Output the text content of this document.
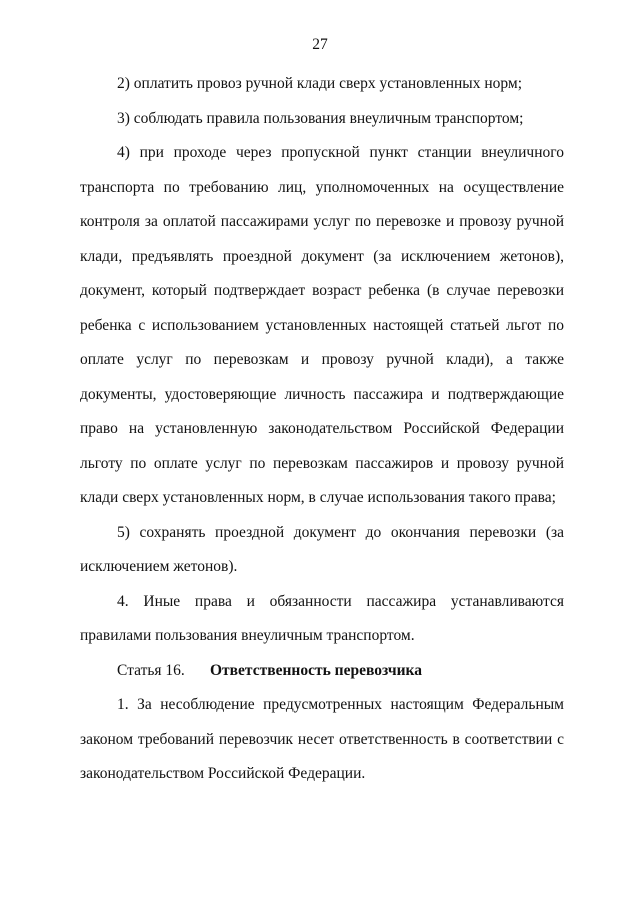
27

2) оплатить провоз ручной клади сверх установленных норм;

3) соблюдать правила пользования внеуличным транспортом;

4) при проходе через пропускной пункт станции внеуличного транспорта по требованию лиц, уполномоченных на осуществление контроля за оплатой пассажирами услуг по перевозке и провозу ручной клади, предъявлять проездной документ (за исключением жетонов), документ, который подтверждает возраст ребенка (в случае перевозки ребенка с использованием установленных настоящей статьей льгот по оплате услуг по перевозкам и провозу ручной клади), а также документы, удостоверяющие личность пассажира и подтверждающие право на установленную законодательством Российской Федерации льготу по оплате услуг по перевозкам пассажиров и провозу ручной клади сверх установленных норм, в случае использования такого права;

5) сохранять проездной документ до окончания перевозки (за исключением жетонов).

4. Иные права и обязанности пассажира устанавливаются правилами пользования внеуличным транспортом.

Статья 16. Ответственность перевозчика

1. За несоблюдение предусмотренных настоящим Федеральным законом требований перевозчик несет ответственность в соответствии с законодательством Российской Федерации.
